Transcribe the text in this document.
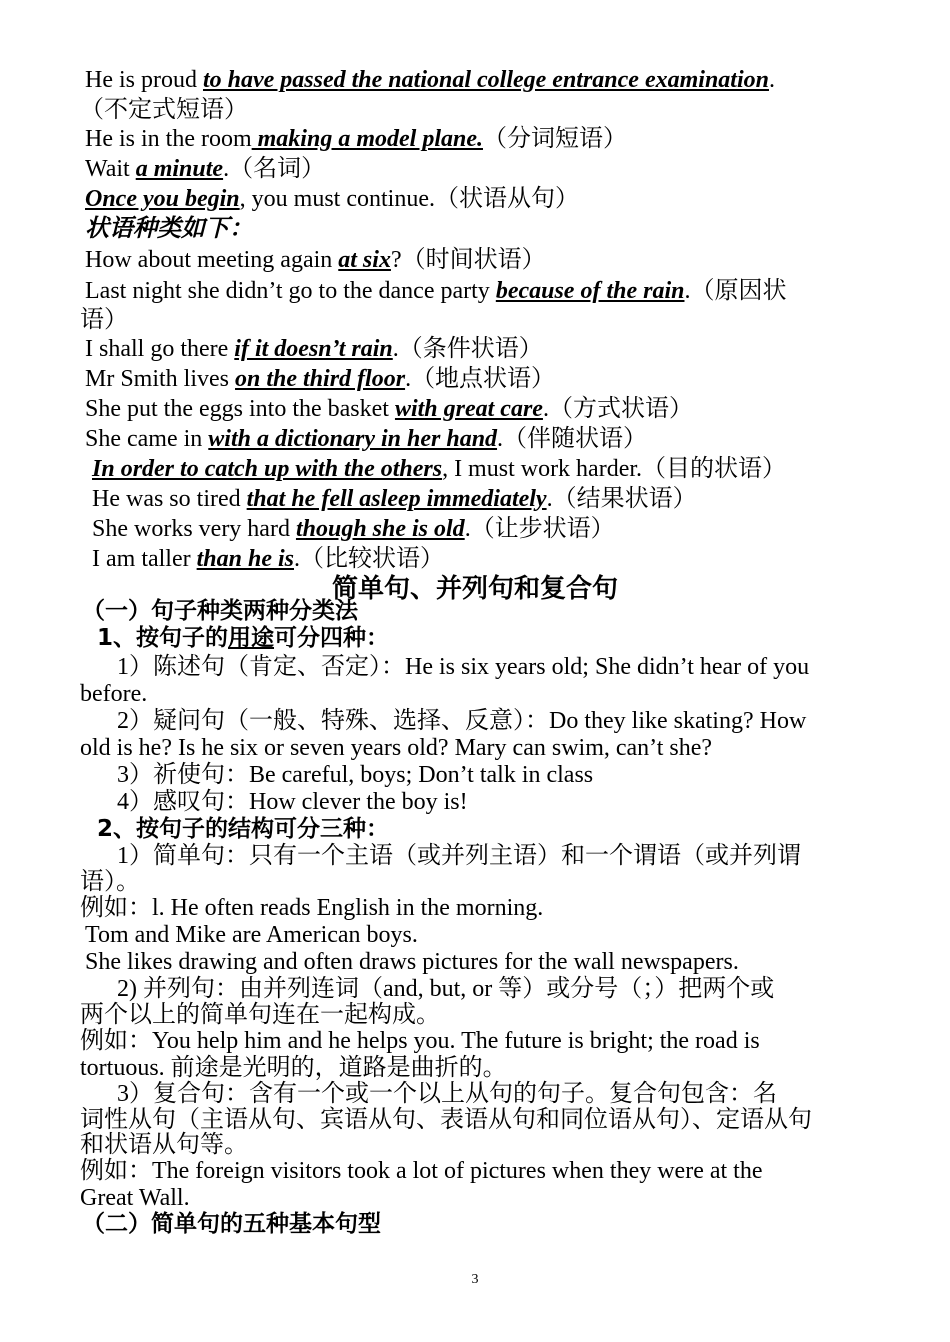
He is proud to have passed the national college entrance examination.
（不定式短语）
He is in the room making a model plane.（分词短语）
Wait a minute.（名词）
Once you begin, you must continue.（状语从句）
状语种类如下：
How about meeting again at six?（时间状语）
Last night she didn’t go to the dance party because of the rain.（原因状
语）
I shall go there if it doesn’t rain.（条件状语）
Mr Smith lives on the third floor.（地点状语）
She put the eggs into the basket with great care.（方式状语）
She came in with a dictionary in her hand.（伴随状语）
In order to catch up with the others, I must work harder.（目的状语）
He was so tired that he fell asleep immediately.（结果状语）
She works very hard though she is old.（让步状语）
I am taller than he is.（比较状语）
简单句、并列句和复合句
（一）句子种类两种分类法
1、按句子的用途可分四种：
1）陈述句（肯定、否定）：He is six years old; She didn’t hear of you
before.
2）疑问句（一般、特殊、选择、反意）：Do they like skating? How
old is he? Is he six or seven years old? Mary can swim, can’t she?
3）祈使句：Be careful, boys; Don’t talk in class
4）感叹句：How clever the boy is!
2、按句子的结构可分三种：
1）简单句：只有一个主语（或并列主语）和一个谓语（或并列谓
语）。
例如：l. He often reads English in the morning.
Tom and Mike are American boys.
She likes drawing and often draws pictures for the wall newspapers.
2) 并列句：由并列连词（and, but, or 等）或分号（；）把两个或
两个以上的简单句连在一起构成。
例如：You help him and he helps you. The future is bright; the road is
tortuous. 前途是光明的，道路是曲折的。
3）复合句：含有一个或一个以上从句的句子。复合句包含：名
词性从句（主语从句、宾语从句、表语从句和同位语从句）、定语从句
和状语从句等。
例如：The foreign visitors took a lot of pictures when they were at the
Great Wall.
（二）简单句的五种基本句型
3
